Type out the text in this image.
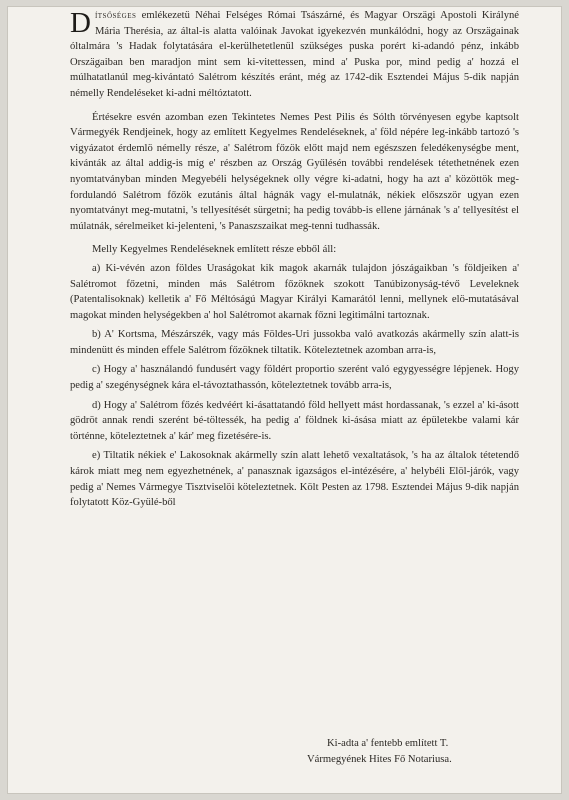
Dítsőséges emlékezetü Néhai Felséges Római Tsászárné, és Magyar Orszägi Apostoli Királyné Mária Therésia, az által-is alatta valóinak Javokat igyekezvén munkálódni, hogy az Orszägainak óltalmára 's Hadak folytatására el-kerülhetetlenül szükséges puska porért ki-adandó pénz, inkább Orszägaiban ben maradjon mint sem ki-vitettessen, mind a' Puska por, mind pedig a' hozzá el múlhatatlanúl meg-kivántató Salétrom készítés eránt, még az 1742-dik Esztendei Május 5-dik napján némelly Rendeléseket ki-adni méltóztatott.

Értésekre esvén azomban ezen Tekintetes Nemes Pest Pilis és Sólth törvényesen egybe kaptsolt Vármegyék Rendjeinek, hogy az említett Kegyelmes Rendeléseknek, a' föld népére leg-inkább tartozó 's vigyázatot érdemlö némelly része, a' Salétrom főzök előtt majd nem egészszen feledékenységbe ment, kivánták az által addig-is míg e' részben az Ország Gyűlésén további rendelések tétethetnének ezen nyomtatványban minden Megyebéli helységeknek olly végre ki-adatni, hogy ha azt a' közöttök meg-fordulandó Salétrom főzök ezutánis által hágnák vagy el-mulatnák, nékiek előszször ugyan ezen nyomtatványt meg-mutatni, 's tellyesítését sürgetni; ha pedig tovább-is ellene járnának 's a' tellyesítést el múlatnák, sérelmeiket ki-jelenteni, 's Panaszszaikat meg-tenni tudhassák.

Melly Kegyelmes Rendeléseknek említett része ebből áll:

a) Ki-vévén azon földes Uraságokat kik magok akarnák tulajdon jószágaikban 's földjeiken a' Salétromot főzetni, minden más Salétrom főzöknek szokott Tanúbizonyság-tévő Leveleknek (Patentalisoknak) kelletik a' Fő Méltóságú Magyar Királyi Kamarától lenni, mellynek elö-mutatásával magokat minden helységekben a' hol Salétromot akarnak főzni legitimálni tartoznak.

b) A' Kortsma, Mészárszék, vagy más Földes-Uri jussokba való avatkozás akármelly szín alatt-is mindenütt és minden effele Salétrom főzöknek tiltatik. Köteleztetnek azomban arra-is,

c) Hogy a' használandó fundusért vagy földért proportio szerént való egygyességre lépjenek. Hogy pedig a' szegénységnek kára el-távoztathassón, köteleztetnek tovább arra-is,

d) Hogy a' Salétrom főzés kedvéért ki-ásattatandó föld hellyett mást hordassanak, 's ezzel a' ki-ásott gödröt annak rendi szerént bé-töltessék, ha pedig a' földnek ki-ásása miatt az épületekbe valami kár történne, köteleztetnek a' kár' meg fizetésére-is.

e) Tiltatik nékiek e' Lakosoknak akármelly szín alatt lehető vexaltatások, 's ha az általok tétetendő károk miatt meg nem egyezhetnének, a' panasznak igazságos el-intézésére, a' helybéli Elöl-járók, vagy pedig a' Nemes Vármegye Tisztviselöi köteleztetnek. Költ Pesten az 1798. Esztendei Május 9-dik napján folytatott Köz-Gyülé-ből

Ki-adta a' fentebb említett T.
Vármegyének Hites Fő Notariusa.
